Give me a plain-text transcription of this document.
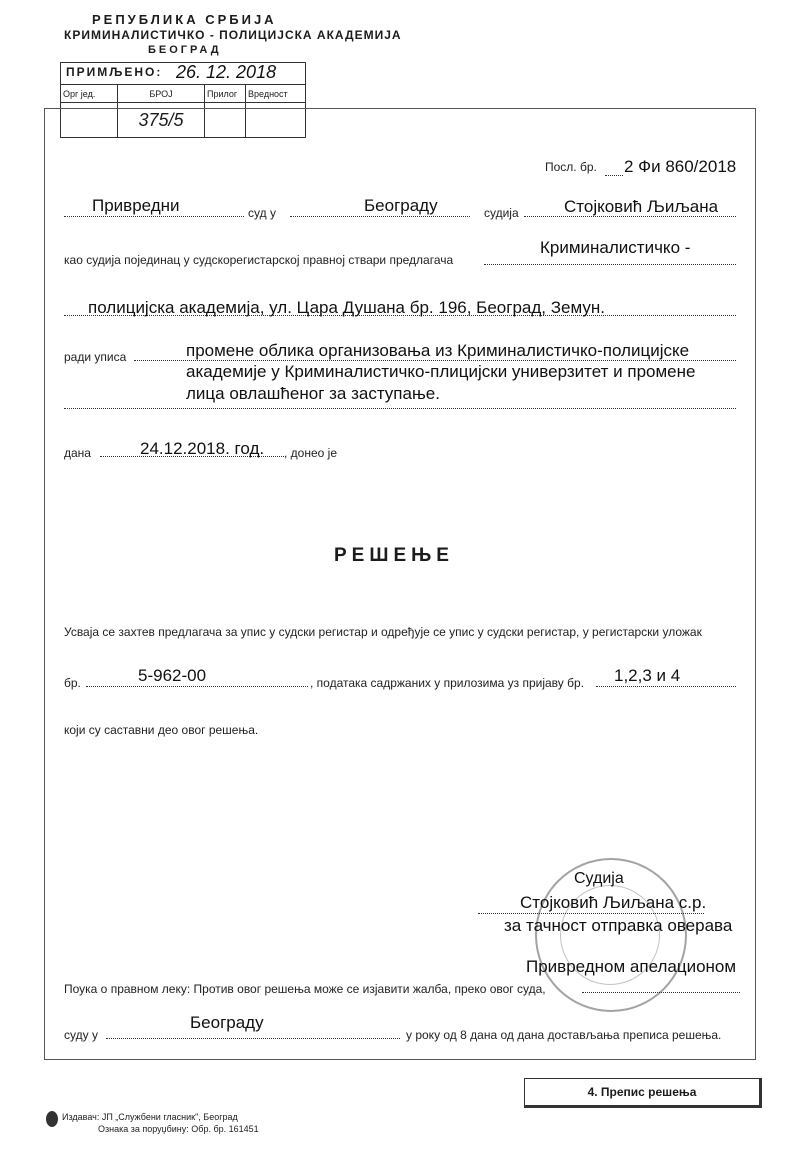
РЕПУБЛИКА СРБИЈА
КРИМИНАЛИСТИЧКО - ПОЛИЦИЈСКА АКАДЕМИЈА
БЕОГРАД
ПРИМЉЕНО: 26. 12. 2018
Орг јед.	БРОЈ	Прилог	Вредност
	375/5		
Посл. бр. 2 Фи 860/2018
Привредни	суд у	Београду	судија	Стојковић Љиљана
као судија појединац у судскорегистарској правној ствари предлагача
Криминалистичко -
полицијска академија, ул. Цара Душана бр. 196, Београд, Земун.
ради уписа	промене облика организовања из Криминалистичко-полицијске
академије у Криминалистичко-плицијски универзитет и промене
лица овлашћеног за заступање.
дана	24.12.2018. год. , донео је
РЕШЕЊЕ
Усваја се захтев предлагача за упис у судски регистар и одређује се упис у судски регистар, у регистарски уложак
бр.	5-962-00	, података садржаних у прилозима уз пријаву бр. 1,2,3 и 4
који су саставни део овог решења.
Судија
Стојковић Љиљана с.р.
за тачност отправка оверава
Привредном апелационом
Поука о правном леку: Против овог решења може се изјавити жалба, преко овог суда,
суду у
Београду
у року од 8 дана од дана достављања преписа решења.
4. Препис решења
Издавач: ЈП „Службени гласник", Београд
Ознака за поруџбину: Обр. бр. 161451
